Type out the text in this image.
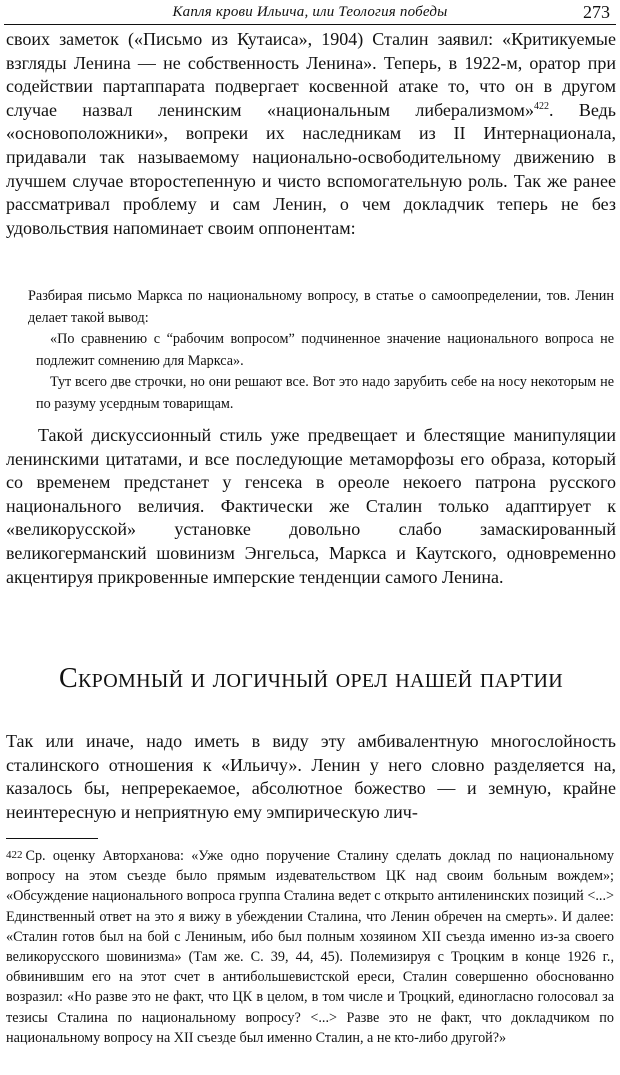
Капля крови Ильича, или Теология победы	273

своих заметок («Письмо из Кутаиса», 1904) Сталин заявил: «Критикуемые взгляды Ленина — не собственность Ленина». Теперь, в 1922-м, оратор при содействии партаппарата подвергает косвенной атаке то, что он в другом случае назвал ленинским «национальным либерализмом»$^{422}$. Ведь «основоположники», вопреки их наследникам из II Интернационала, придавали так называемому национально-освободительному движению в лучшем случае второстепенную и чисто вспомогательную роль. Так же ранее рассматривал проблему и сам Ленин, о чем докладчик теперь не без удовольствия напоминает своим оппонентам:

Разбирая письмо Маркса по национальному вопросу, в статье о самоопределении, тов. Ленин делает такой вывод:

«По сравнению с “рабочим вопросом” подчиненное значение национального вопроса не подлежит сомнению для Маркса».

Тут всего две строчки, но они решают все. Вот это надо зарубить себе на носу некоторым не по разуму усердным товарищам.

Такой дискуссионный стиль уже предвещает и блестящие манипуляции ленинскими цитатами, и все последующие метаморфозы его образа, который со временем предстанет у генсека в ореоле некоего патрона русского национального величия. Фактически же Сталин только адаптирует к «великорусской» установке довольно слабо замаскированный великогерманский шовинизм Энгельса, Маркса и Каутского, одновременно акцентируя прикровенные имперские тенденции самого Ленина.

Скромный и логичный орел нашей партии

Так или иначе, надо иметь в виду эту амбивалентную многослойность сталинского отношения к «Ильичу». Ленин у него словно разделяется на, казалось бы, непререкаемое, абсолютное божество — и земную, крайне неинтересную и неприятную ему эмпирическую лич-

422 Ср. оценку Авторханова: «Уже одно поручение Сталину сделать доклад по национальному вопросу на этом съезде было прямым издевательством ЦК над своим больным вождем»; «Обсуждение национального вопроса группа Сталина ведет с открыто антиленинских позиций <...> Единственный ответ на это я вижу в убеждении Сталина, что Ленин обречен на смерть». И далее: «Сталин готов был на бой с Лениным, ибо был полным хозяином XII съезда именно из-за своего великорусского шовинизма» (Там же. С. 39, 44, 45). Полемизируя с Троцким в конце 1926 г., обвинившим его на этот счет в антибольшевистской ереси, Сталин совершенно обоснованно возразил: «Но разве это не факт, что ЦК в целом, в том числе и Троцкий, единогласно голосовал за тезисы Сталина по национальному вопросу? <...> Разве это не факт, что докладчиком по национальному вопросу на XII съезде был именно Сталин, а не кто-либо другой?»
